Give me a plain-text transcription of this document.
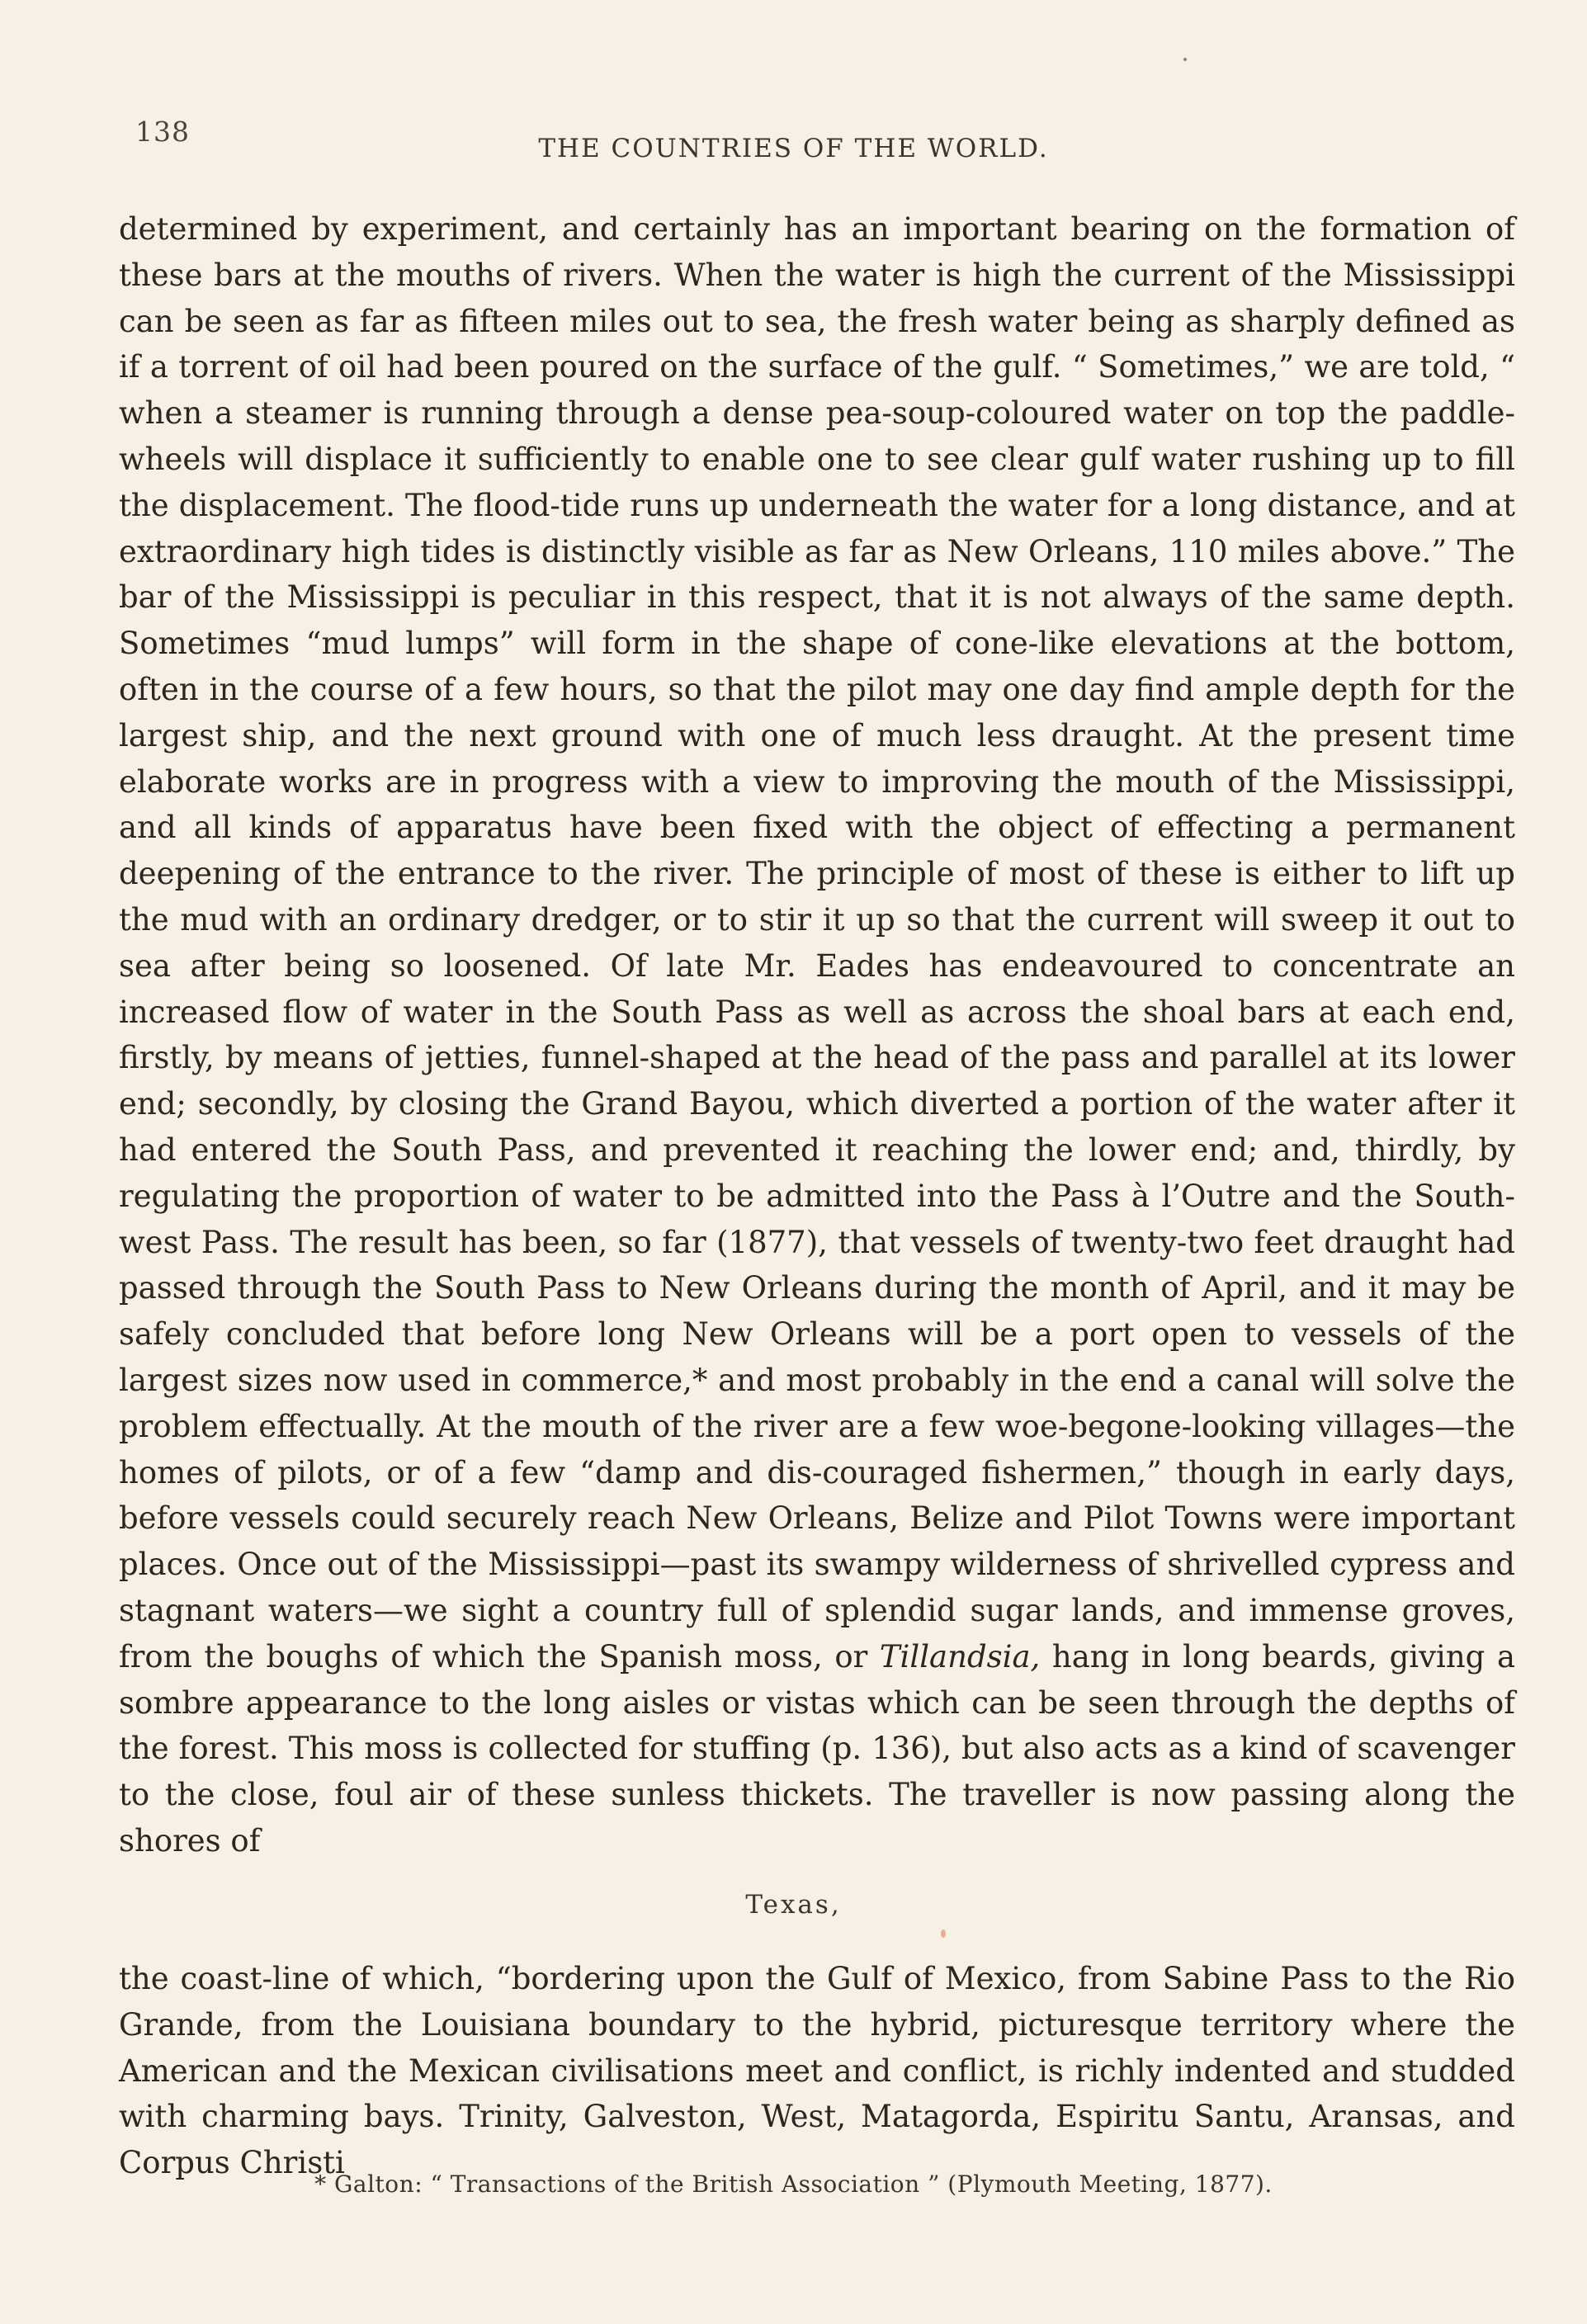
138
THE COUNTRIES OF THE WORLD.

determined by experiment, and certainly has an important bearing on the formation of these bars at the mouths of rivers. When the water is high the current of the Mississippi can be seen as far as fifteen miles out to sea, the fresh water being as sharply defined as if a torrent of oil had been poured on the surface of the gulf. “ Sometimes,” we are told, “ when a steamer is running through a dense pea-soup-coloured water on top the paddle-wheels will displace it sufficiently to enable one to see clear gulf water rushing up to fill the displacement. The flood-tide runs up underneath the water for a long distance, and at extraordinary high tides is distinctly visible as far as New Orleans, 110 miles above.” The bar of the Mississippi is peculiar in this respect, that it is not always of the same depth. Sometimes “mud lumps” will form in the shape of cone-like elevations at the bottom, often in the course of a few hours, so that the pilot may one day find ample depth for the largest ship, and the next ground with one of much less draught. At the present time elaborate works are in progress with a view to improving the mouth of the Mississippi, and all kinds of apparatus have been fixed with the object of effecting a permanent deepening of the entrance to the river. The principle of most of these is either to lift up the mud with an ordinary dredger, or to stir it up so that the current will sweep it out to sea after being so loosened. Of late Mr. Eades has endeavoured to concentrate an increased flow of water in the South Pass as well as across the shoal bars at each end, firstly, by means of jetties, funnel-shaped at the head of the pass and parallel at its lower end; secondly, by closing the Grand Bayou, which diverted a portion of the water after it had entered the South Pass, and prevented it reaching the lower end; and, thirdly, by regulating the proportion of water to be admitted into the Pass à l’Outre and the South-west Pass. The result has been, so far (1877), that vessels of twenty-two feet draught had passed through the South Pass to New Orleans during the month of April, and it may be safely concluded that before long New Orleans will be a port open to vessels of the largest sizes now used in commerce,* and most probably in the end a canal will solve the problem effectually. At the mouth of the river are a few woe-begone-looking villages—the homes of pilots, or of a few “damp and dis-couraged fishermen,” though in early days, before vessels could securely reach New Orleans, Belize and Pilot Towns were important places. Once out of the Mississippi—past its swampy wilderness of shrivelled cypress and stagnant waters—we sight a country full of splendid sugar lands, and immense groves, from the boughs of which the Spanish moss, or Tillandsia, hang in long beards, giving a sombre appearance to the long aisles or vistas which can be seen through the depths of the forest. This moss is collected for stuffing (p. 136), but also acts as a kind of scavenger to the close, foul air of these sunless thickets. The traveller is now passing along the shores of

Texas,

the coast-line of which, “bordering upon the Gulf of Mexico, from Sabine Pass to the Rio Grande, from the Louisiana boundary to the hybrid, picturesque territory where the American and the Mexican civilisations meet and conflict, is richly indented and studded with charming bays. Trinity, Galveston, West, Matagorda, Espiritu Santu, Aransas, and Corpus Christi

* Galton: “ Transactions of the British Association ” (Plymouth Meeting, 1877).
